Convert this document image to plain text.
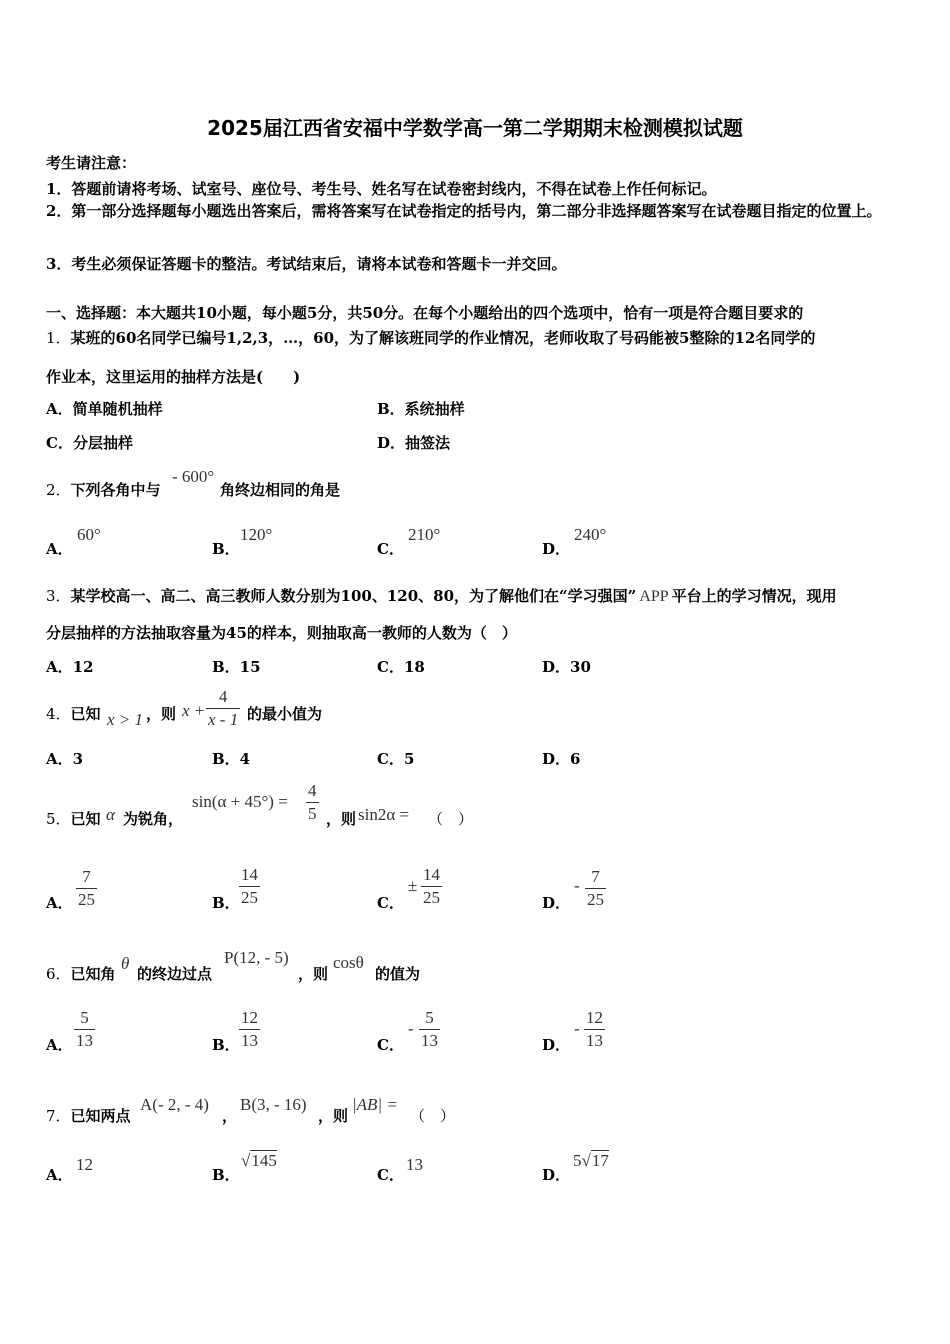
2025届江西省安福中学数学高一第二学期期末检测模拟试题
考生请注意：
1．答题前请将考场、试室号、座位号、考生号、姓名写在试卷密封线内，不得在试卷上作任何标记。
2．第一部分选择题每小题选出答案后，需将答案写在试卷指定的括号内，第二部分非选择题答案写在试卷题目指定的位置上。
3．考生必须保证答题卡的整洁。考试结束后，请将本试卷和答题卡一并交回。
一、选择题：本大题共10小题，每小题5分，共50分。在每个小题给出的四个选项中，恰有一项是符合题目要求的
1．某班的60名同学已编号1,2,3，…，60，为了解该班同学的作业情况，老师收取了号码能被5整除的12名同学的
作业本，这里运用的抽样方法是(　　)
A．简单随机抽样	B．系统抽样
C．分层抽样	D．抽签法
2．下列各角中与
- 600°
角终边相同的角是
A．
60°
B．
120°
C．
210°
D．
240°
3．某学校高一、高二、高三教师人数分别为100、120、80，为了解他们在“学习强国” APP 平台上的学习情况，现用
分层抽样的方法抽取容量为45的样本，则抽取高一教师的人数为（　）
A．12	B．15	C．18	D．30
4．已知 x > 1 ，则 $x + \frac{4}{x - 1}$ 的最小值为
A．3	B．4	C．5	D．6
5．已知 α 为锐角，
$\sin(\alpha + 45^\circ) = \frac{4}{5}$ ，则 sin2α = （　）
A． $\frac{7}{25}$	B． $\frac{14}{25}$	C．
± $\frac{14}{25}$	D．
- $\frac{7}{25}$
6．已知角
θ
的终边过点
P(12, - 5)
，则
cosθ
的值为
A． $\frac{5}{13}$	B． $\frac{12}{13}$	C．
- $\frac{5}{13}$	D．
- $\frac{12}{13}$
7．已知两点
A(- 2, - 4)
，
B(3, - 16)
，则
|AB| =
（　）
A．
12
B．
√145
C．
13
D．
5√17
